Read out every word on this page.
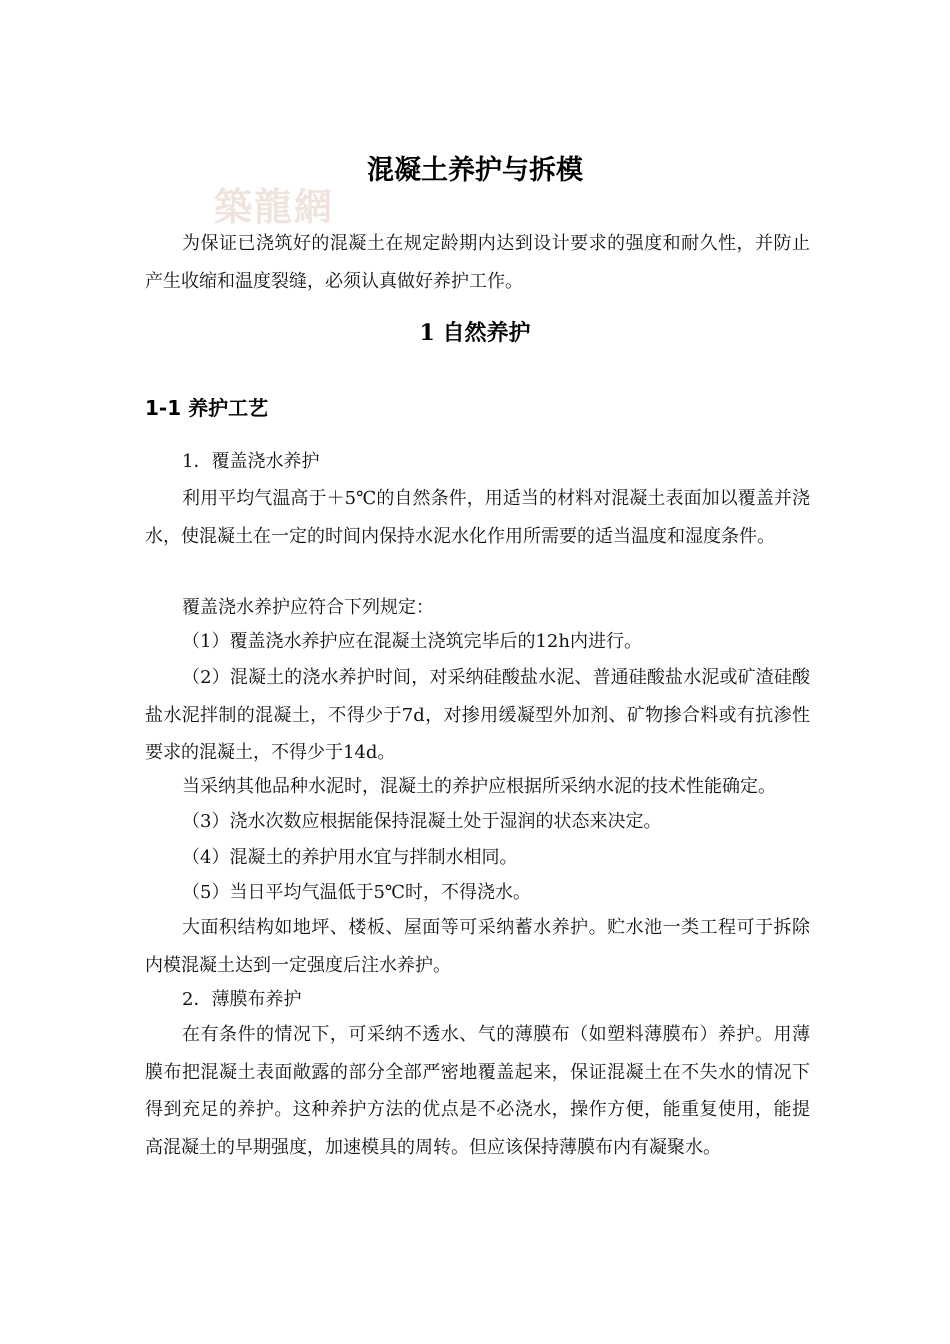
築龍網
混凝土养护与拆模

为保证已浇筑好的混凝土在规定龄期内达到设计要求的强度和耐久性，并防止产生收缩和温度裂缝，必须认真做好养护工作。

1 自然养护
1-1 养护工艺

1．覆盖浇水养护

利用平均气温高于＋5℃的自然条件，用适当的材料对混凝土表面加以覆盖并浇水，使混凝土在一定的时间内保持水泥水化作用所需要的适当温度和湿度条件。

覆盖浇水养护应符合下列规定：

（1）覆盖浇水养护应在混凝土浇筑完毕后的12h内进行。

（2）混凝土的浇水养护时间，对采纳硅酸盐水泥、普通硅酸盐水泥或矿渣硅酸盐水泥拌制的混凝土，不得少于7d，对掺用缓凝型外加剂、矿物掺合料或有抗渗性要求的混凝土，不得少于14d。

当采纳其他品种水泥时，混凝土的养护应根据所采纳水泥的技术性能确定。

（3）浇水次数应根据能保持混凝土处于湿润的状态来决定。

（4）混凝土的养护用水宜与拌制水相同。

（5）当日平均气温低于5℃时，不得浇水。

大面积结构如地坪、楼板、屋面等可采纳蓄水养护。贮水池一类工程可于拆除内模混凝土达到一定强度后注水养护。

2．薄膜布养护

在有条件的情况下，可采纳不透水、气的薄膜布（如塑料薄膜布）养护。用薄膜布把混凝土表面敞露的部分全部严密地覆盖起来，保证混凝土在不失水的情况下得到充足的养护。这种养护方法的优点是不必浇水，操作方便，能重复使用，能提高混凝土的早期强度，加速模具的周转。但应该保持薄膜布内有凝聚水。
